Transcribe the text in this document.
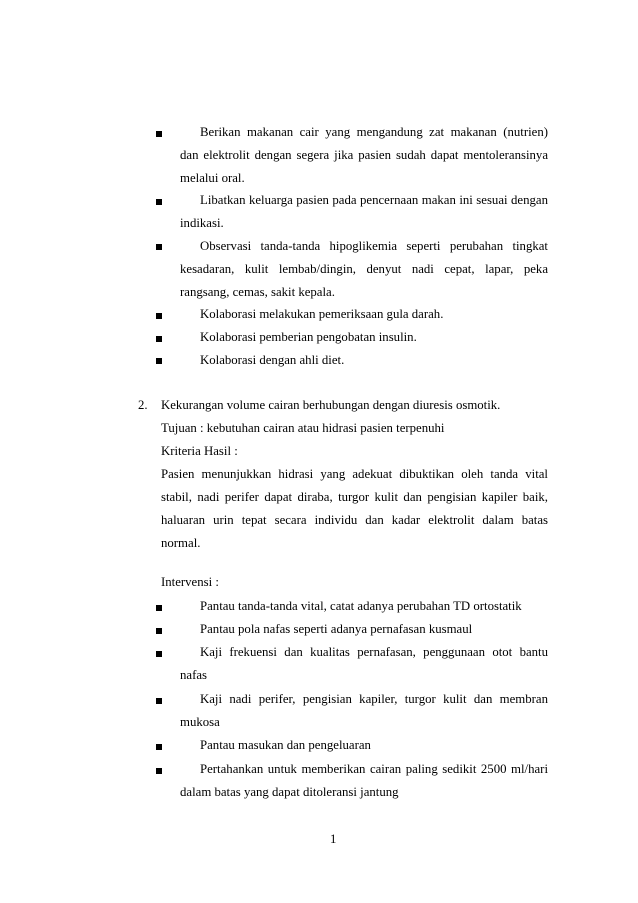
Berikan makanan cair yang mengandung zat makanan (nutrien)
dan elektrolit dengan segera jika pasien sudah dapat mentoleransinya
melalui oral.
Libatkan keluarga pasien pada pencernaan makan ini sesuai dengan
indikasi.
Observasi tanda-tanda hipoglikemia seperti perubahan tingkat
kesadaran, kulit lembab/dingin, denyut nadi cepat, lapar, peka
rangsang, cemas, sakit kepala.
Kolaborasi melakukan pemeriksaan gula darah.
Kolaborasi pemberian pengobatan insulin.
Kolaborasi dengan ahli diet.
2. Kekurangan volume cairan berhubungan dengan diuresis osmotik.
Tujuan : kebutuhan cairan atau hidrasi pasien terpenuhi
Kriteria Hasil :
Pasien menunjukkan hidrasi yang adekuat dibuktikan oleh tanda vital
stabil, nadi perifer dapat diraba, turgor kulit dan pengisian kapiler baik,
haluaran urin tepat secara individu dan kadar elektrolit dalam batas
normal.
Intervensi :
Pantau tanda-tanda vital, catat adanya perubahan TD ortostatik
Pantau pola nafas seperti adanya pernafasan kusmaul
Kaji frekuensi dan kualitas pernafasan, penggunaan otot bantu
nafas
Kaji nadi perifer, pengisian kapiler, turgor kulit dan membran
mukosa
Pantau masukan dan pengeluaran
Pertahankan untuk memberikan cairan paling sedikit 2500 ml/hari
dalam batas yang dapat ditoleransi jantung
1
